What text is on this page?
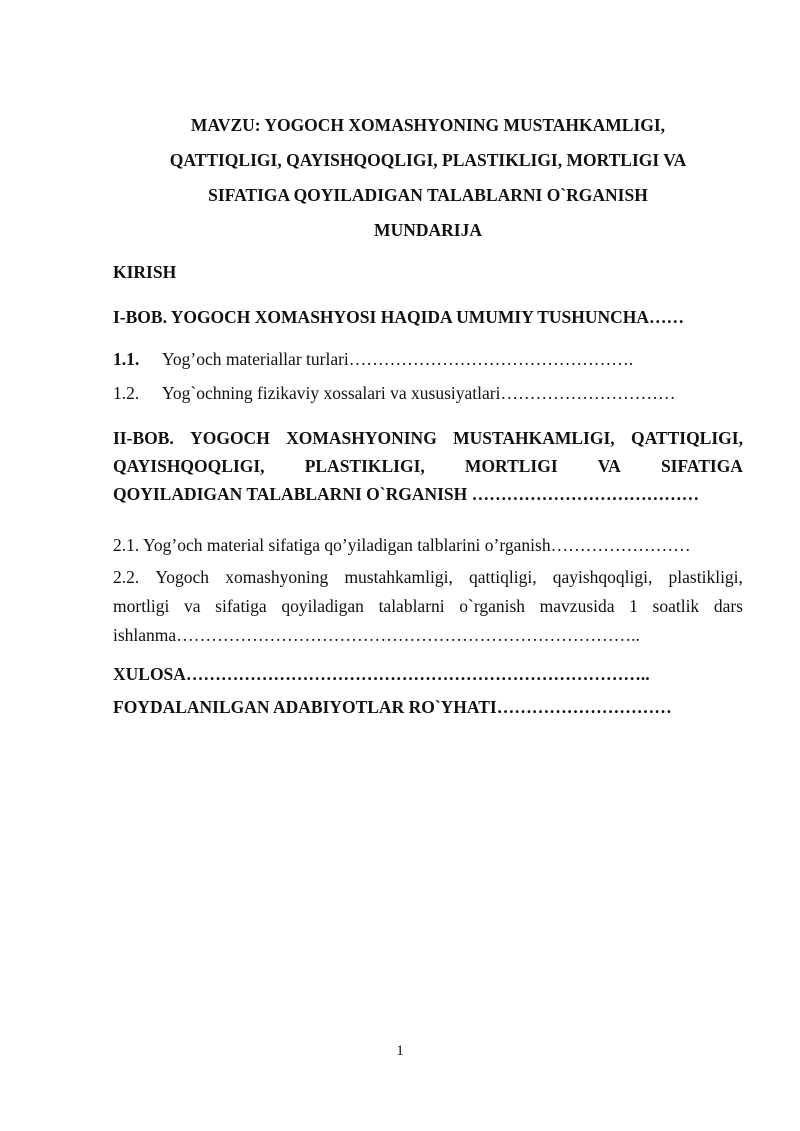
MAVZU: YOGOCH XOMASHYONING MUSTAHKAMLIGI,
QATTIQLIGI, QAYISHQOQLIGI, PLASTIKLIGI, MORTLIGI VA
SIFATIGA QOYILADIGAN TALABLARNI O`RGANISH
MUNDARIJA
KIRISH
I-BOB. YOGOCH XOMASHYOSI HAQIDA UMUMIY TUSHUNCHA……
1.1. Yog’och materiallar turlari………………………………………….
1.2. Yog`ochning fizikaviy xossalari va xususiyatlari…………………………
II-BOB. YOGOCH XOMASHYONING MUSTAHKAMLIGI, QATTIQLIGI,
QAYISHQOQLIGI, PLASTIKLIGI, MORTLIGI VA SIFATIGA
QOYILADIGAN TALABLARNI O`RGANISH …………………………………
2.1. Yog’och material sifatiga qo’yiladigan talblarini o’rganish……………………
2.2. Yogoch xomashyoning mustahkamligi, qattiqligi, qayishqoqligi, plastikligi,
mortligi va sifatiga qoyiladigan talablarni o`rganish mavzusida 1 soatlik dars
ishlanma……………………………………………………………………..
XULOSA……………………………………………………………………..
FOYDALANILGAN ADABIYOTLAR RO`YHATI…………………………
1
